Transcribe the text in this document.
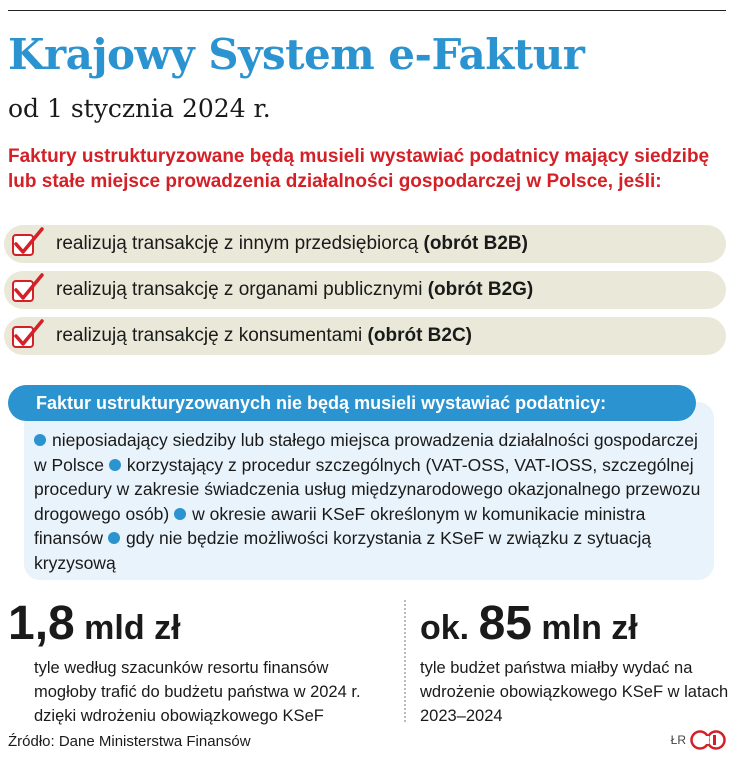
Krajowy System e-Faktur
od 1 stycznia 2024 r.

Faktury ustrukturyzowane będą musieli wystawiać podatnicy mający siedzibę lub stałe miejsce prowadzenia działalności gospodarczej w Polsce, jeśli:

realizują transakcję z innym przedsiębiorcą (obrót B2B)
realizują transakcję z organami publicznymi (obrót B2G)
realizują transakcję z konsumentami (obrót B2C)
Faktur ustrukturyzowanych nie będą musieli wystawiać podatnicy:

nieposiadający siedziby lub stałego miejsca prowadzenia działalności gospodarczej w Polsce korzystający z procedur szczególnych (VAT-OSS, VAT-IOSS, szczególnej procedury w zakresie świadczenia usług międzynarodowego okazjonalnego przewozu drogowego osób) w okresie awarii KSeF określonym w komunikacie ministra finansów gdy nie będzie możliwości korzystania z KSeF w związku z sytuacją kryzysową

1,8 mld zł
tyle według szacunków resortu finansów mogłoby trafić do budżetu państwa w 2024 r. dzięki wdrożeniu obowiązkowego KSeF
ok. 85 mln zł
tyle budżet państwa miałby wydać na wdrożenie obowiązkowego KSeF w latach 2023–2024
Źródło: Dane Ministerstwa Finansów	ŁR
